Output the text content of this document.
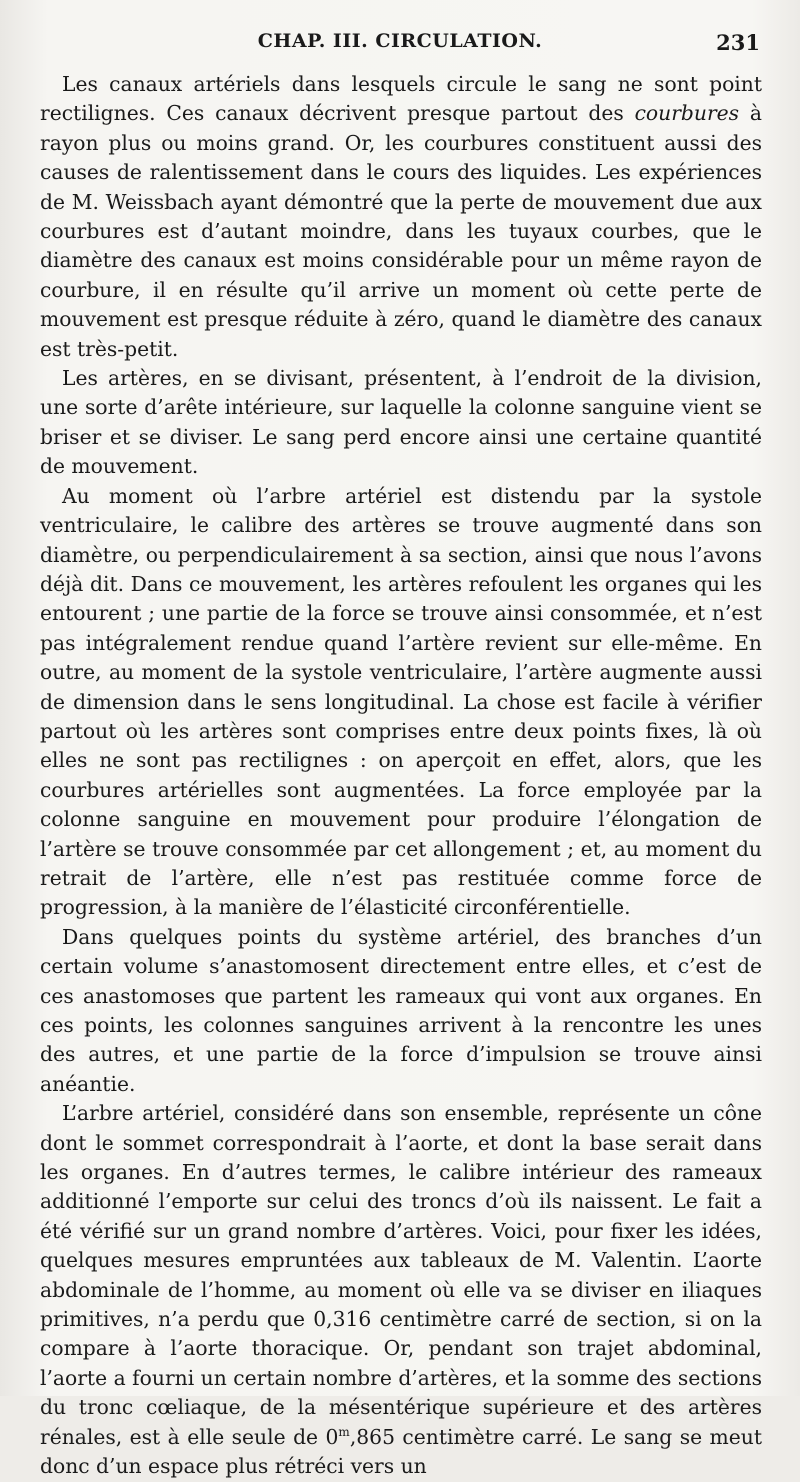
CHAP. III. CIRCULATION.	231

Les canaux artériels dans lesquels circule le sang ne sont point rectilignes. Ces canaux décrivent presque partout des courbures à rayon plus ou moins grand. Or, les courbures constituent aussi des causes de ralentissement dans le cours des liquides. Les expériences de M. Weissbach ayant démontré que la perte de mouvement due aux courbures est d’autant moindre, dans les tuyaux courbes, que le diamètre des canaux est moins considérable pour un même rayon de courbure, il en résulte qu’il arrive un moment où cette perte de mouvement est presque réduite à zéro, quand le diamètre des canaux est très-petit.

Les artères, en se divisant, présentent, à l’endroit de la division, une sorte d’arête intérieure, sur laquelle la colonne sanguine vient se briser et se diviser. Le sang perd encore ainsi une certaine quantité de mouvement.

Au moment où l’arbre artériel est distendu par la systole ventriculaire, le calibre des artères se trouve augmenté dans son diamètre, ou perpendiculairement à sa section, ainsi que nous l’avons déjà dit. Dans ce mouvement, les artères refoulent les organes qui les entourent ; une partie de la force se trouve ainsi consommée, et n’est pas intégralement rendue quand l’artère revient sur elle-même. En outre, au moment de la systole ventriculaire, l’artère augmente aussi de dimension dans le sens longitudinal. La chose est facile à vérifier partout où les artères sont comprises entre deux points fixes, là où elles ne sont pas rectilignes : on aperçoit en effet, alors, que les courbures artérielles sont augmentées. La force employée par la colonne sanguine en mouvement pour produire l’élongation de l’artère se trouve consommée par cet allongement ; et, au moment du retrait de l’artère, elle n’est pas restituée comme force de progression, à la manière de l’élasticité circonférentielle.

Dans quelques points du système artériel, des branches d’un certain volume s’anastomosent directement entre elles, et c’est de ces anastomoses que partent les rameaux qui vont aux organes. En ces points, les colonnes sanguines arrivent à la rencontre les unes des autres, et une partie de la force d’impulsion se trouve ainsi anéantie.

L’arbre artériel, considéré dans son ensemble, représente un cône dont le sommet correspondrait à l’aorte, et dont la base serait dans les organes. En d’autres termes, le calibre intérieur des rameaux additionné l’emporte sur celui des troncs d’où ils naissent. Le fait a été vérifié sur un grand nombre d’artères. Voici, pour fixer les idées, quelques mesures empruntées aux tableaux de M. Valentin. L’aorte abdominale de l’homme, au moment où elle va se diviser en iliaques primitives, n’a perdu que 0,316 centimètre carré de section, si on la compare à l’aorte thoracique. Or, pendant son trajet abdominal, l’aorte a fourni un certain nombre d’artères, et la somme des sections du tronc cœliaque, de la mésentérique supérieure et des artères rénales, est à elle seule de 0$^m$,865 centimètre carré. Le sang se meut donc d’un espace plus rétréci vers un
